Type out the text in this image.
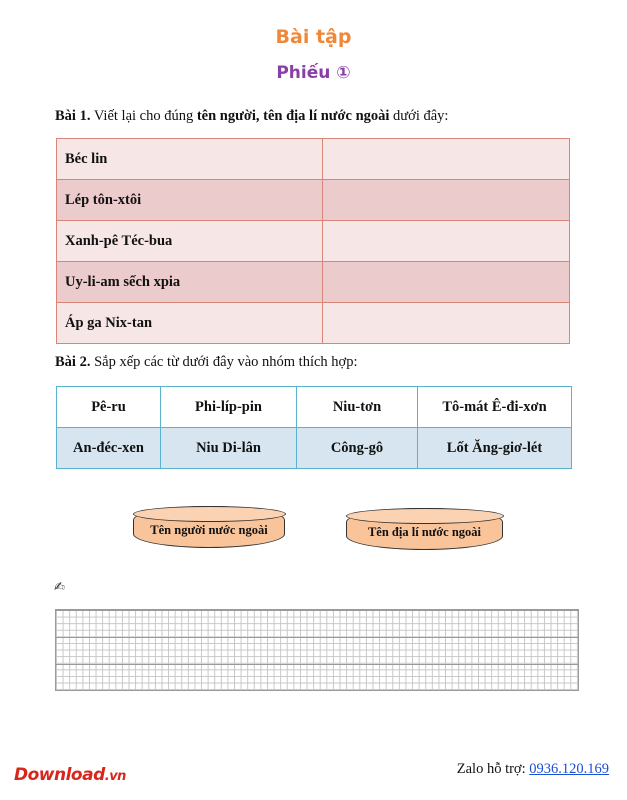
Bài tập
Phiếu ①
Bài 1. Viết lại cho đúng tên người, tên địa lí nước ngoài dưới đây:
Béc lin	
Lép tôn-xtôi	
Xanh-pê Téc-bua	
Uy-li-am sếch xpia	
Áp ga Nix-tan	
Bài 2. Sắp xếp các từ dưới đây vào nhóm thích hợp:
Pê-ru	Phi-líp-pin	Niu-tơn	Tô-mát Ê-đi-xơn
An-đéc-xen	Niu Di-lân	Công-gô	Lốt Ăng-giơ-lét
Tên người nước ngoài	Tên địa lí nước ngoài
✍
Download.vn	Zalo hỗ trợ: 0936.120.169
